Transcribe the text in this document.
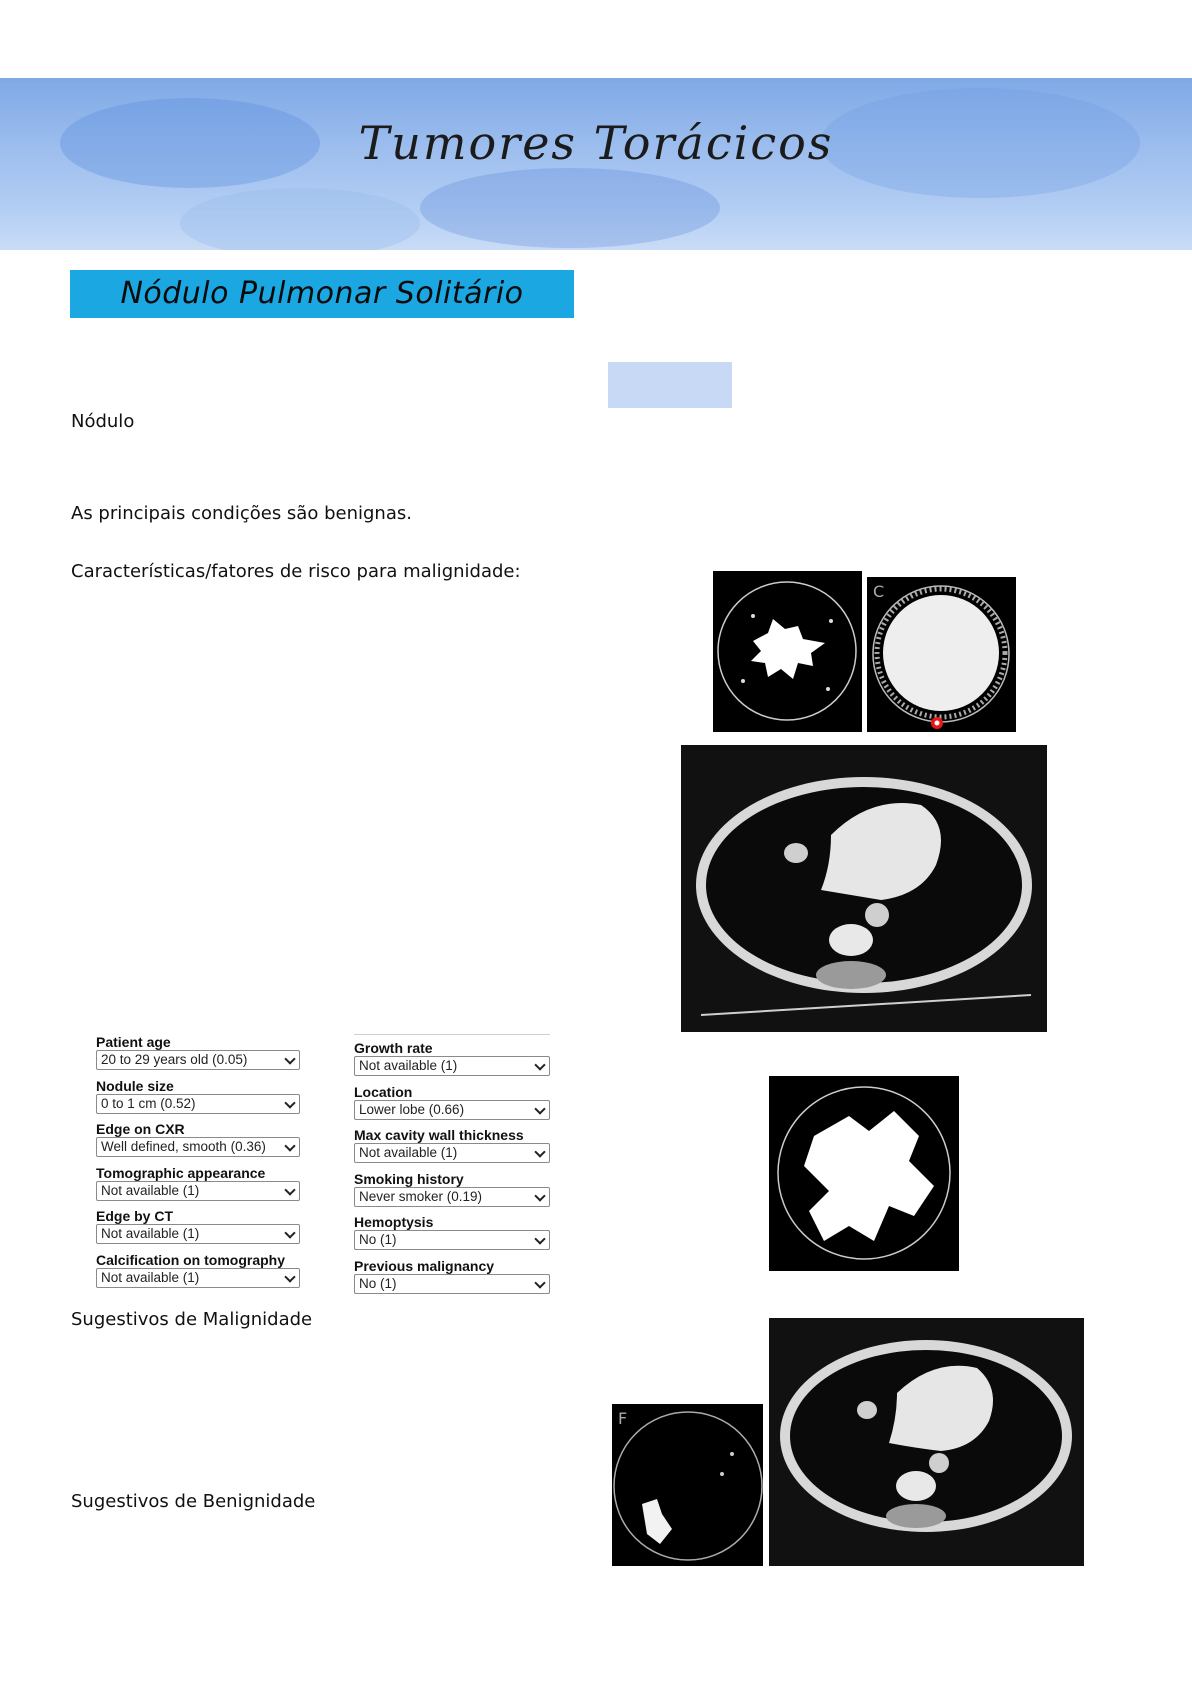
Tumores Torácicos
Nódulo Pulmonar Solitário
Nódulo
As principais condições são benignas.
Características/fatores de risco para malignidade:
Sugestivos de Malignidade
Sugestivos de Benignidade
C
F
Patient age
20 to 29 years old (0.05)
Nodule size
0 to 1 cm (0.52)
Edge on CXR
Well defined, smooth (0.36)
Tomographic appearance
Not available (1)
Edge by CT
Not available (1)
Calcification on tomography
Not available (1)
Growth rate
Not available (1)
Location
Lower lobe (0.66)
Max cavity wall thickness
Not available (1)
Smoking history
Never smoker (0.19)
Hemoptysis
No (1)
Previous malignancy
No (1)
